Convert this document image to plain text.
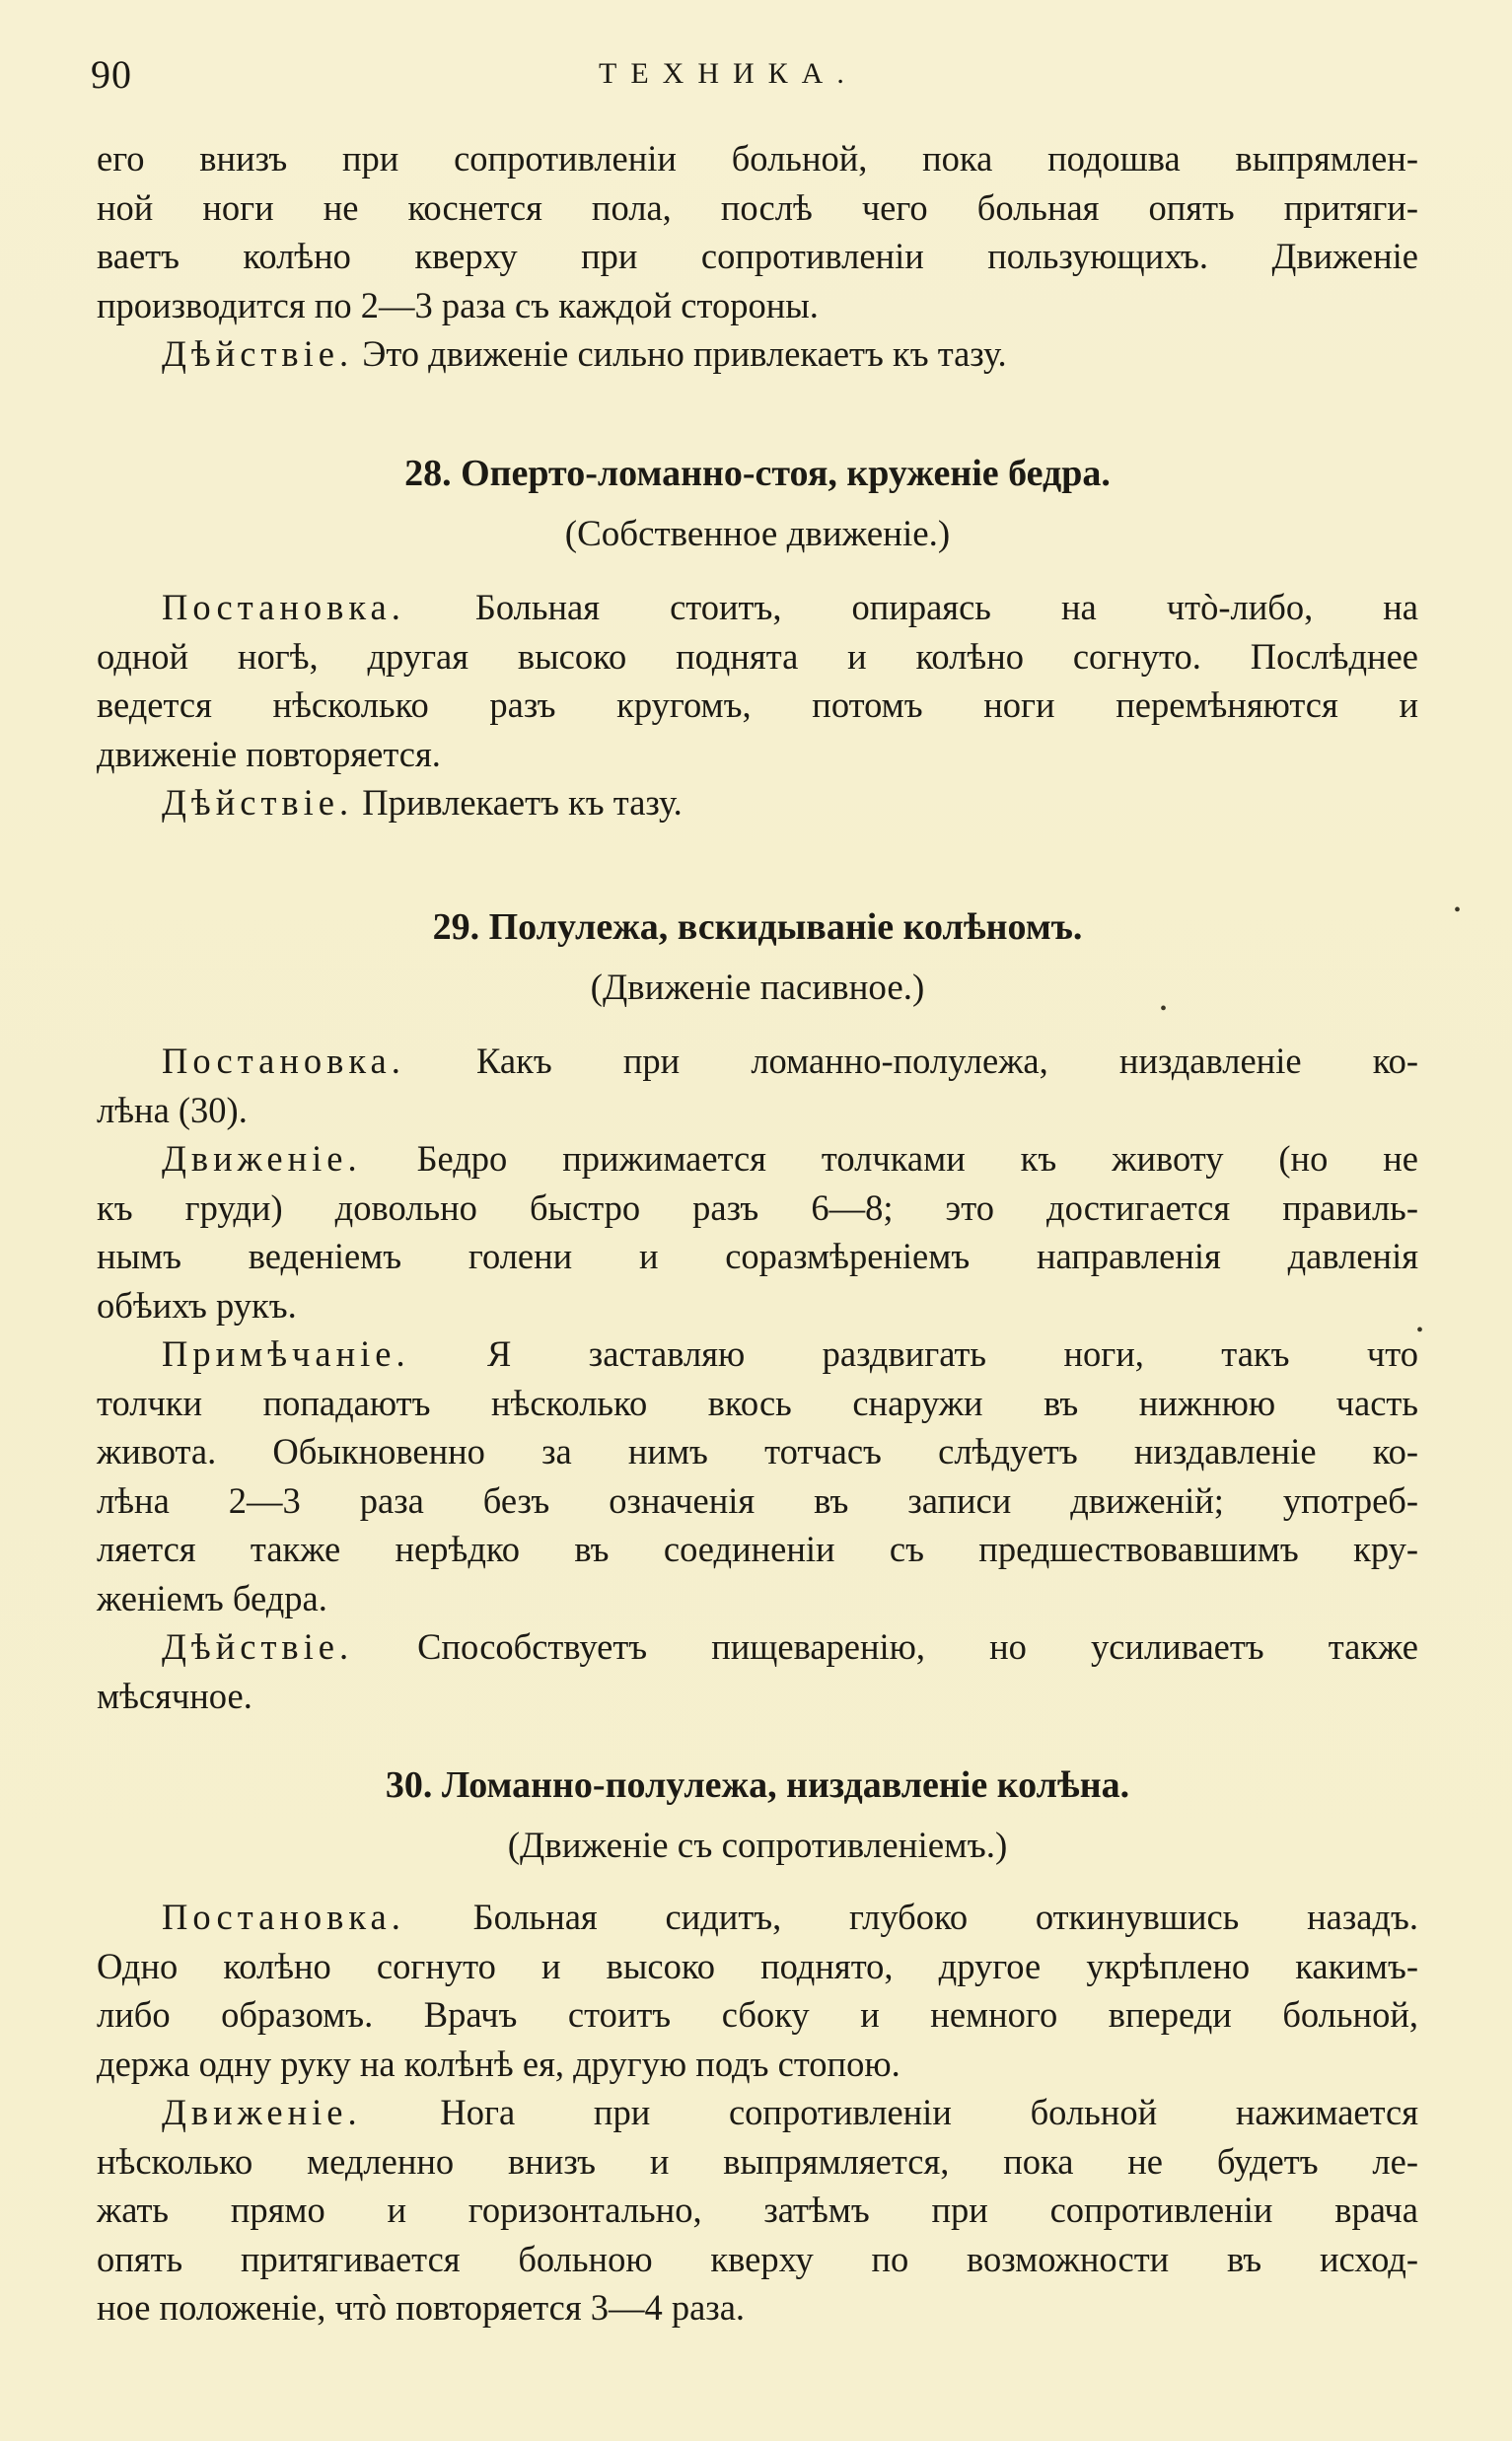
90	ТЕХНИКА.

его внизъ при сопротивленіи больной, пока подошва выпрямлен-
ной ноги не коснется пола, послѣ чего больная опять притяги-
ваетъ колѣно кверху при сопротивленіи пользующихъ. Движеніе
производится по 2—3 раза съ каждой стороны.

Дѣйствіе. Это движеніе сильно привлекаетъ къ тазу.

28. Оперто-ломанно-стоя, круженіе бедра.

(Собственное движеніе.)

Постановка. Больная стоитъ, опираясь на чтò-либо, на
одной ногѣ, другая высоко поднята и колѣно согнуто. Послѣднее
ведется нѣсколько разъ кругомъ, потомъ ноги перемѣняются и
движеніе повторяется.

Дѣйствіе. Привлекаетъ къ тазу.

29. Полулежа, вскидываніе колѣномъ.

(Движеніе пасивное.)

Постановка. Какъ при ломанно-полулежа, низдавленіе ко-
лѣна (30).

Движеніе. Бедро прижимается толчками къ животу (но не
къ груди) довольно быстро разъ 6—8; это достигается правиль-
нымъ веденіемъ голени и соразмѣреніемъ направленія давленія
обѣихъ рукъ.

Примѣчаніе. Я заставляю раздвигать ноги, такъ что
толчки попадаютъ нѣсколько вкось снаружи въ нижнюю часть
живота. Обыкновенно за нимъ тотчасъ слѣдуетъ низдавленіе ко-
лѣна 2—3 раза безъ означенія въ записи движеній; употреб-
ляется также нерѣдко въ соединеніи съ предшествовавшимъ кру-
женіемъ бедра.

Дѣйствіе. Способствуетъ пищеваренію, но усиливаетъ также
мѣсячное.

30. Ломанно-полулежа, низдавленіе колѣна.

(Движеніе съ сопротивленіемъ.)

Постановка. Больная сидитъ, глубоко откинувшись назадъ.
Одно колѣно согнуто и высоко поднято, другое укрѣплено какимъ-
либо образомъ. Врачъ стоитъ сбоку и немного впереди больной,
держа одну руку на колѣнѣ ея, другую подъ стопою.

Движеніе. Нога при сопротивленіи больной нажимается
нѣсколько медленно внизъ и выпрямляется, пока не будетъ ле-
жать прямо и горизонтально, затѣмъ при сопротивленіи врача
опять притягивается больною кверху по возможности въ исход-
ное положеніе, чтò повторяется 3—4 раза.

•
•
•
